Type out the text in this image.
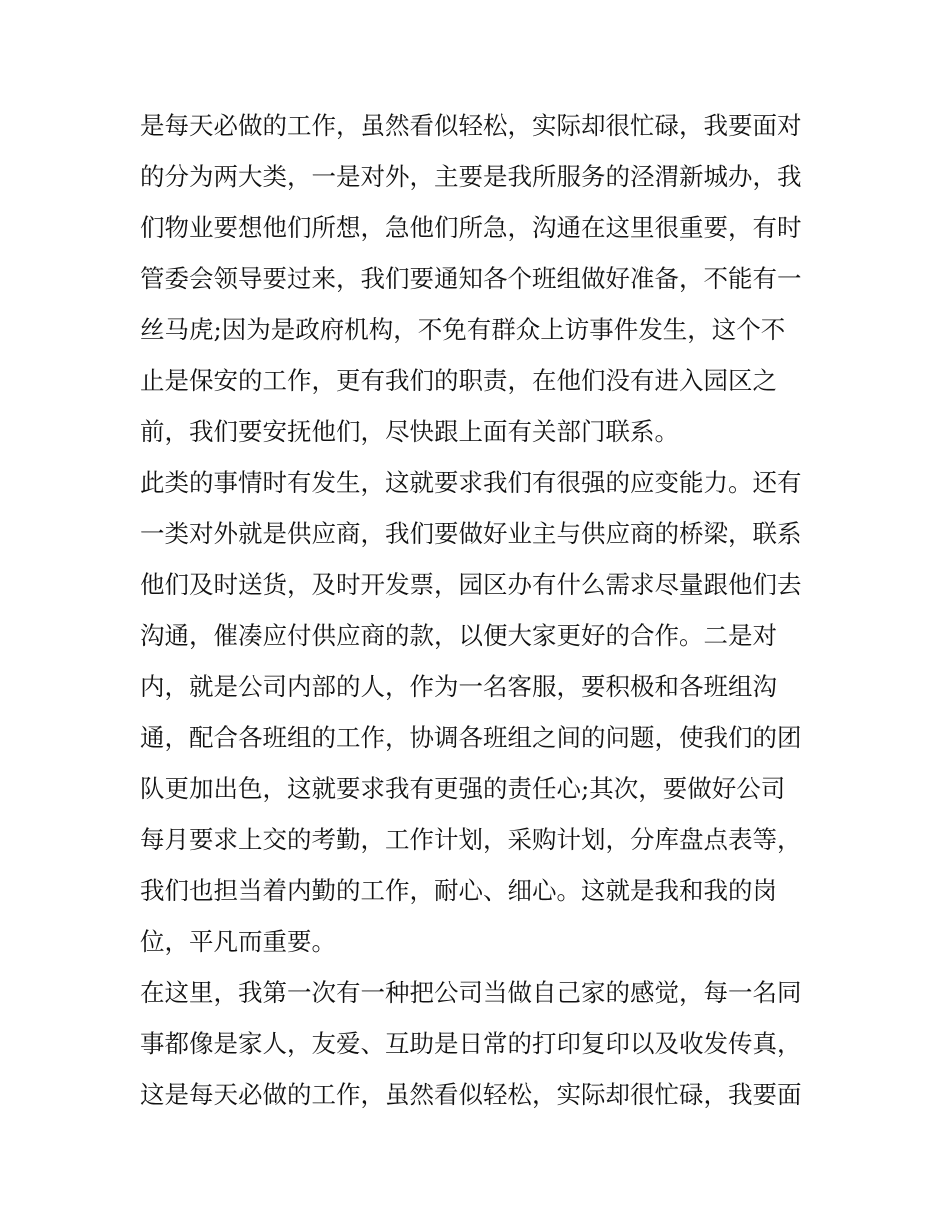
是每天必做的工作，虽然看似轻松，实际却很忙碌，我要面对
的分为两大类，一是对外，主要是我所服务的泾渭新城办，我
们物业要想他们所想，急他们所急，沟通在这里很重要，有时
管委会领导要过来，我们要通知各个班组做好准备，不能有一
丝马虎;因为是政府机构，不免有群众上访事件发生，这个不
止是保安的工作，更有我们的职责，在他们没有进入园区之
前，我们要安抚他们，尽快跟上面有关部门联系。
此类的事情时有发生，这就要求我们有很强的应变能力。还有
一类对外就是供应商，我们要做好业主与供应商的桥梁，联系
他们及时送货，及时开发票，园区办有什么需求尽量跟他们去
沟通，催凑应付供应商的款，以便大家更好的合作。二是对
内，就是公司内部的人，作为一名客服，要积极和各班组沟
通，配合各班组的工作，协调各班组之间的问题，使我们的团
队更加出色，这就要求我有更强的责任心;其次，要做好公司
每月要求上交的考勤，工作计划，采购计划，分库盘点表等，
我们也担当着内勤的工作，耐心、细心。这就是我和我的岗
位，平凡而重要。
在这里，我第一次有一种把公司当做自己家的感觉，每一名同
事都像是家人，友爱、互助是日常的打印复印以及收发传真，
这是每天必做的工作，虽然看似轻松，实际却很忙碌，我要面
